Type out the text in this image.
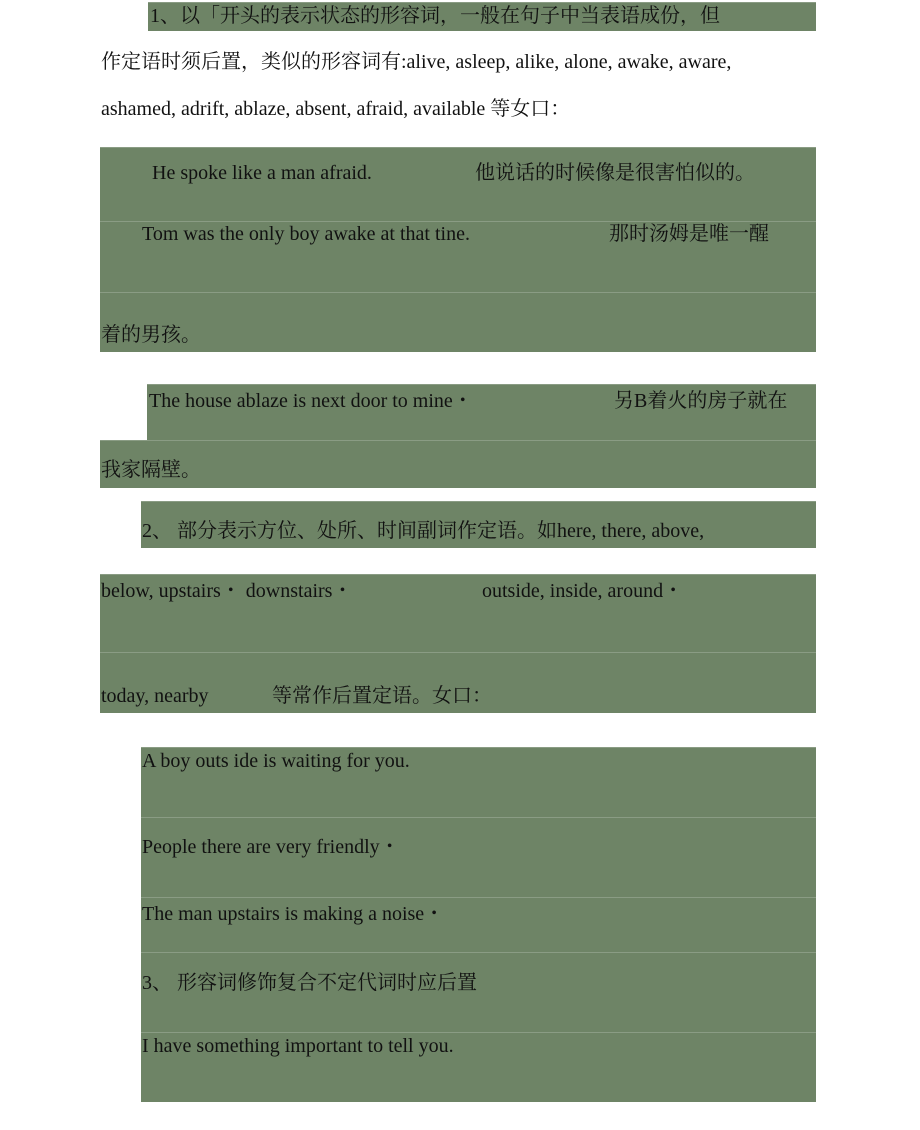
1、以「开头的表示状态的形容词，一般在句子中当表语成份，但
作定语时须后置，类似的形容词有:alive, asleep, alike, alone, awake, aware,
ashamed, adrift, ablaze, absent, afraid, available 等女口：
He spoke like a man afraid.	他说话的时候像是很害怕似的。
Tom was the only boy awake at that tine.	那时汤姆是唯一醒
着的男孩。
The house ablaze is next door to mine・	另B着火的房子就在
我家隔壁。
2、 部分表示方位、处所、时间副词作定语。如here, there, above,
below, upstairs・ downstairs・	outside, inside, around・
today, nearby	等常作后置定语。女口：
A boy outs ide is waiting for you.
People there are very friendly・
The man upstairs is making a noise・
3、 形容词修饰复合不定代词时应后置
I have something important to tell you.
